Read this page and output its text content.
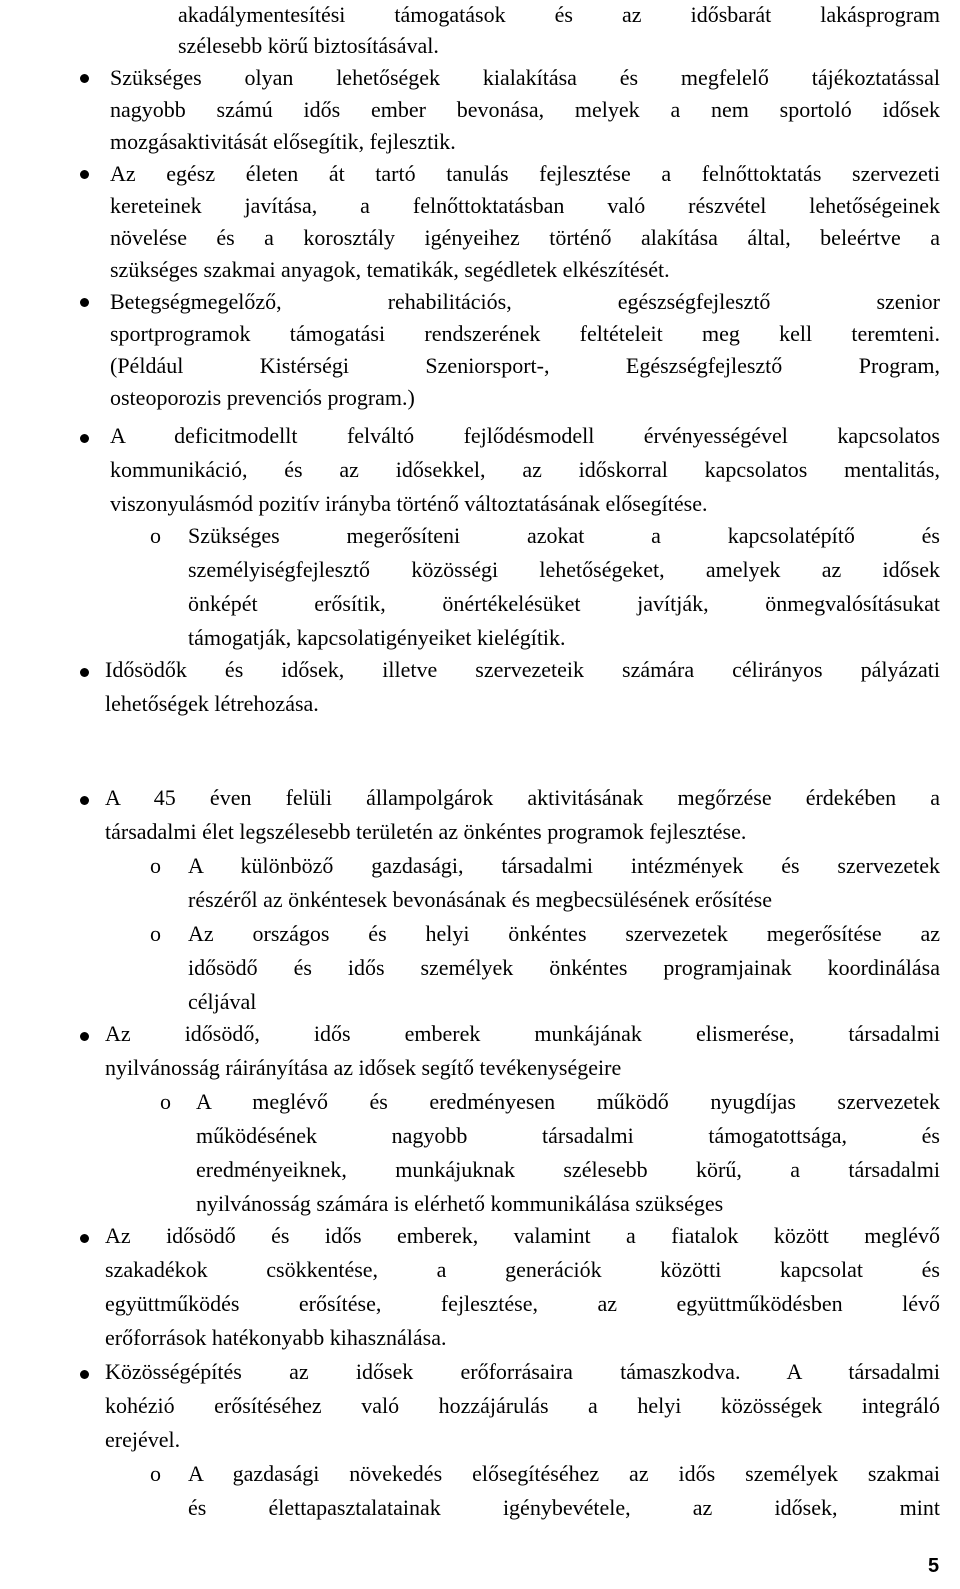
akadálymentesítési támogatások és az idősbarát lakásprogram
szélesebb körű biztosításával.
Szükséges olyan lehetőségek kialakítása és megfelelő tájékoztatással
nagyobb számú idős ember bevonása, melyek a nem sportoló idősek
mozgásaktivitását elősegítik, fejlesztik.
Az egész életen át tartó tanulás fejlesztése a felnőttoktatás szervezeti
kereteinek javítása, a felnőttoktatásban való részvétel lehetőségeinek
növelése és a korosztály igényeihez történő alakítása által, beleértve a
szükséges szakmai anyagok, tematikák, segédletek elkészítését.
Betegségmegelőző, rehabilitációs, egészségfejlesztő szenior
sportprogramok támogatási rendszerének feltételeit meg kell teremteni.
(Például Kistérségi Szeniorsport-, Egészségfejlesztő Program,
osteoporozis prevenciós program.)
A deficitmodellt felváltó fejlődésmodell érvényességével kapcsolatos
kommunikáció, és az idősekkel, az időskorral kapcsolatos mentalitás,
viszonyulásmód pozitív irányba történő változtatásának elősegítése.
o Szükséges megerősíteni azokat a kapcsolatépítő és
személyiségfejlesztő közösségi lehetőségeket, amelyek az idősek
önképét erősítik, önértékelésüket javítják, önmegvalósításukat
támogatják, kapcsolatigényeiket kielégítik.
Idősödők és idősek, illetve szervezeteik számára célirányos pályázati
lehetőségek létrehozása.
A 45 éven felüli állampolgárok aktivitásának megőrzése érdekében a
társadalmi élet legszélesebb területén az önkéntes programok fejlesztése.
o A különböző gazdasági, társadalmi intézmények és szervezetek
részéről az önkéntesek bevonásának és megbecsülésének erősítése
o Az országos és helyi önkéntes szervezetek megerősítése az
idősödő és idős személyek önkéntes programjainak koordinálása
céljával
Az idősödő, idős emberek munkájának elismerése, társadalmi
nyilvánosság ráirányítása az idősek segítő tevékenységeire
o A meglévő és eredményesen működő nyugdíjas szervezetek
működésének nagyobb társadalmi támogatottsága, és
eredményeiknek, munkájuknak szélesebb körű, a társadalmi
nyilvánosság számára is elérhető kommunikálása szükséges
Az idősödő és idős emberek, valamint a fiatalok között meglévő
szakadékok csökkentése, a generációk közötti kapcsolat és
együttműködés erősítése, fejlesztése, az együttműködésben lévő
erőforrások hatékonyabb kihasználása.
Közösségépítés az idősek erőforrásaira támaszkodva. A társadalmi
kohézió erősítéséhez való hozzájárulás a helyi közösségek integráló
erejével.
o A gazdasági növekedés elősegítéséhez az idős személyek szakmai
és élettapasztalatainak igénybevétele, az idősek, mint
5
